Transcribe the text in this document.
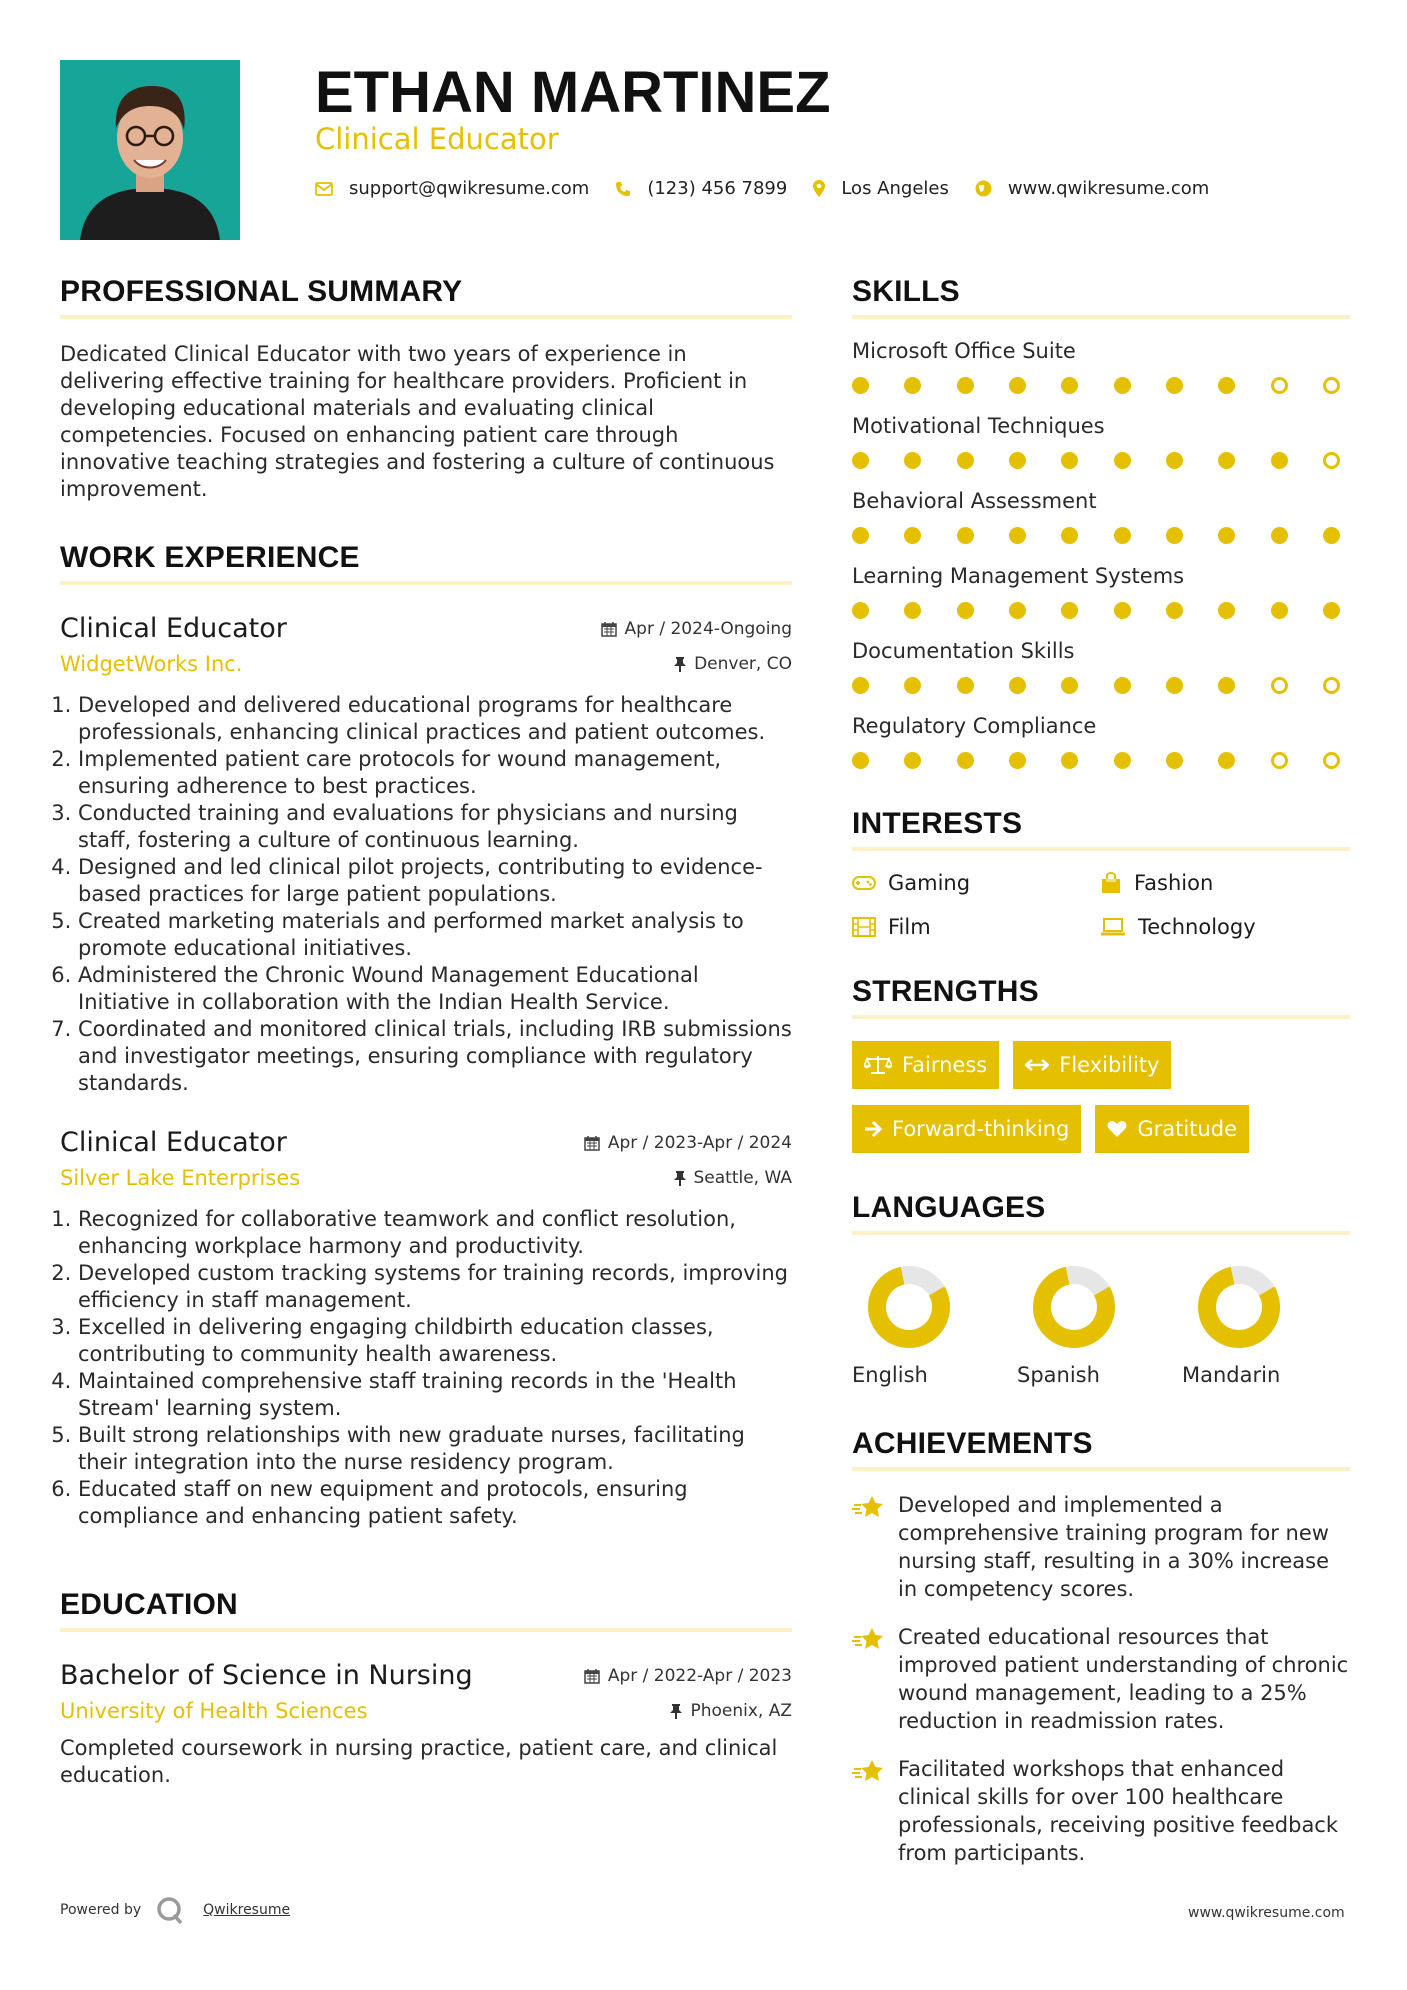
ETHAN MARTINEZ
Clinical Educator
support@qwikresume.com	(123) 456 7899	Los Angeles	www.qwikresume.com
PROFESSIONAL SUMMARY

Dedicated Clinical Educator with two years of experience in delivering effective training for healthcare providers. Proficient in developing educational materials and evaluating clinical competencies. Focused on enhancing patient care through innovative teaching strategies and fostering a culture of continuous improvement.

WORK EXPERIENCE
Clinical Educator	Apr / 2024-Ongoing
WidgetWorks Inc.	Denver, CO
1. Developed and delivered educational programs for healthcare professionals, enhancing clinical practices and patient outcomes.
2. Implemented patient care protocols for wound management, ensuring adherence to best practices.
3. Conducted training and evaluations for physicians and nursing staff, fostering a culture of continuous learning.
4. Designed and led clinical pilot projects, contributing to evidence-based practices for large patient populations.
5. Created marketing materials and performed market analysis to promote educational initiatives.
6. Administered the Chronic Wound Management Educational Initiative in collaboration with the Indian Health Service.
7. Coordinated and monitored clinical trials, including IRB submissions and investigator meetings, ensuring compliance with regulatory standards.
Clinical Educator	Apr / 2023-Apr / 2024
Silver Lake Enterprises	Seattle, WA
1. Recognized for collaborative teamwork and conflict resolution, enhancing workplace harmony and productivity.
2. Developed custom tracking systems for training records, improving efficiency in staff management.
3. Excelled in delivering engaging childbirth education classes, contributing to community health awareness.
4. Maintained comprehensive staff training records in the 'Health Stream' learning system.
5. Built strong relationships with new graduate nurses, facilitating their integration into the nurse residency program.
6. Educated staff on new equipment and protocols, ensuring compliance and enhancing patient safety.
EDUCATION
Bachelor of Science in Nursing	Apr / 2022-Apr / 2023
University of Health Sciences	Phoenix, AZ

Completed coursework in nursing practice, patient care, and clinical education.

SKILLS
Microsoft Office Suite
Motivational Techniques
Behavioral Assessment
Learning Management Systems
Documentation Skills
Regulatory Compliance
INTERESTS
Gaming	Fashion
Film	Technology
STRENGTHS
Fairness	Flexibility
Forward-thinking	Gratitude
LANGUAGES
English	Spanish	Mandarin
ACHIEVEMENTS

Developed and implemented a comprehensive training program for new nursing staff, resulting in a 30% increase in competency scores.

Created educational resources that improved patient understanding of chronic wound management, leading to a 25% reduction in readmission rates.

Facilitated workshops that enhanced clinical skills for over 100 healthcare professionals, receiving positive feedback from participants.

Powered by	Qwikresume	www.qwikresume.com
